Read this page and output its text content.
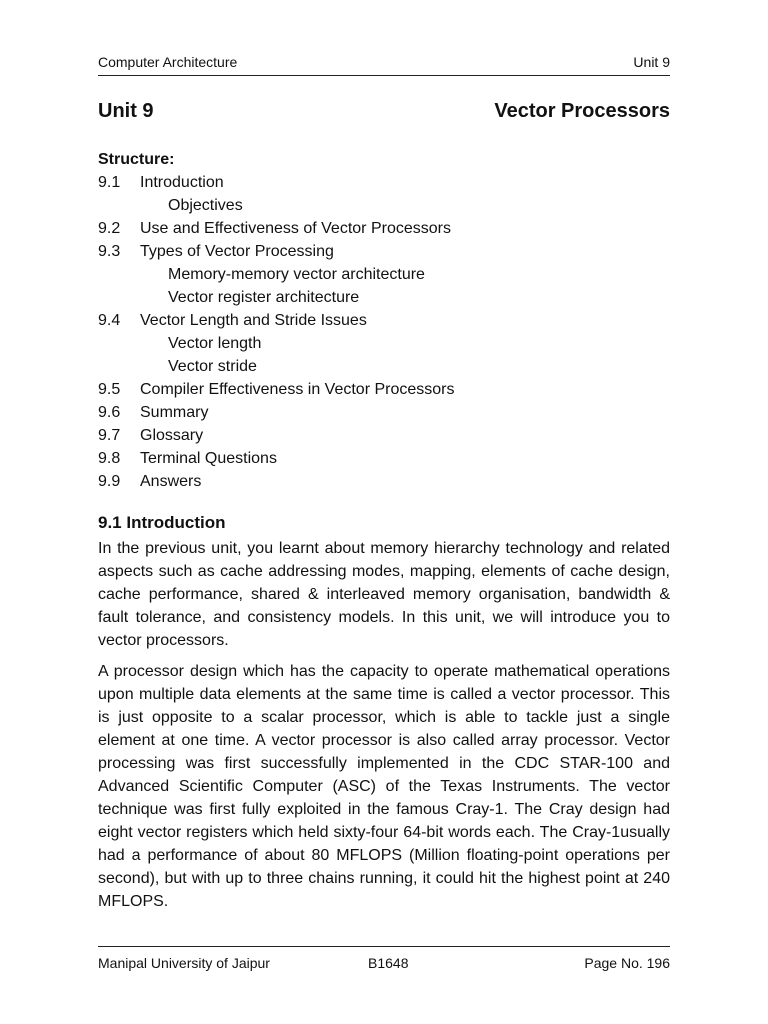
Computer Architecture	Unit 9
Unit 9	Vector Processors
Structure:
9.1	Introduction
Objectives
9.2	Use and Effectiveness of Vector Processors
9.3	Types of Vector Processing
Memory-memory vector architecture
Vector register architecture
9.4	Vector Length and Stride Issues
Vector length
Vector stride
9.5	Compiler Effectiveness in Vector Processors
9.6	Summary
9.7	Glossary
9.8	Terminal Questions
9.9	Answers
9.1 Introduction

In the previous unit, you learnt about memory hierarchy technology and related aspects such as cache addressing modes, mapping, elements of cache design, cache performance, shared & interleaved memory organisation, bandwidth & fault tolerance, and consistency models. In this unit, we will introduce you to vector processors.

A processor design which has the capacity to operate mathematical operations upon multiple data elements at the same time is called a vector processor. This is just opposite to a scalar processor, which is able to tackle just a single element at one time. A vector processor is also called array processor. Vector processing was first successfully implemented in the CDC STAR-100 and Advanced Scientific Computer (ASC) of the Texas Instruments. The vector technique was first fully exploited in the famous Cray-1. The Cray design had eight vector registers which held sixty-four 64-bit words each. The Cray-1usually had a performance of about 80 MFLOPS (Million floating-point operations per second), but with up to three chains running, it could hit the highest point at 240 MFLOPS.

Manipal University of Jaipur	B1648	Page No. 196
